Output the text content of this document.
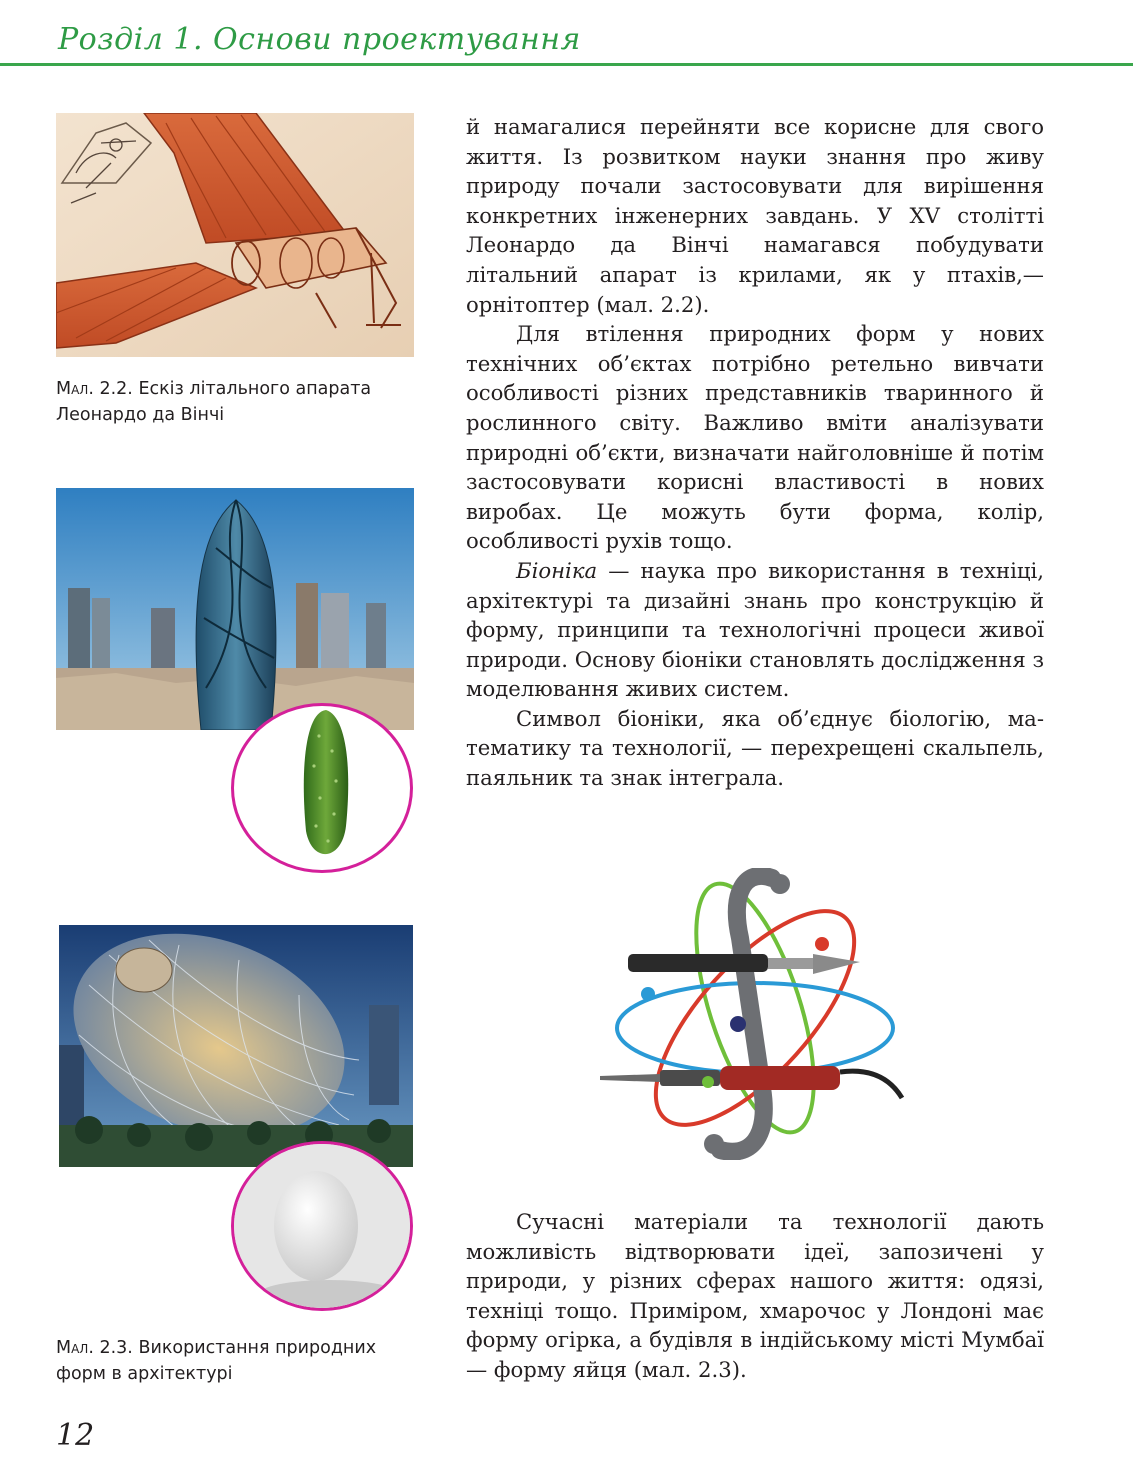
Розділ 1. Основи проектування
Мал. 2.2. Ескіз літального апарата
Леонардо да Вінчі
Мал. 2.3. Використання природних
форм в архітектурі

й намагалися перейняти все корисне для свого життя. Із розвитком науки знання про живу природу почали застосовувати для вирішення конкретних інженерних завдань. У XV столітті Леонардо да Вінчі намагався побудувати літальний апарат із крилами, як у птахів,— орнітоптер (мал. 2.2).

Для втілення природних форм у нових технічних об’єктах потрібно ретельно вивчати особливості різних представників тваринного й рослинного світу. Важливо вміти аналізувати природні об’єкти, визначати найголовніше й потім застосовувати корисні властивості в нових виробах. Це можуть бути форма, колір, особливості рухів тощо.

Біоніка — наука про використання в техніці, архітектурі та дизайні знань про конструкцію й форму, принципи та технологічні процеси живої природи. Основу біоніки становлять дослідження з моделювання живих систем.

Символ біоніки, яка об’єднує біологію, математику та технології, — перехрещені скальпель, паяльник та знак інтеграла.

Сучасні матеріали та технології дають можливість відтворювати ідеї, запозичені у природи, у різних сферах нашого життя: одязі, техніці тощо. Приміром, хмарочос у Лондоні має форму огірка, а будівля в індійському місті Мумбаї — форму яйця (мал. 2.3).

12
